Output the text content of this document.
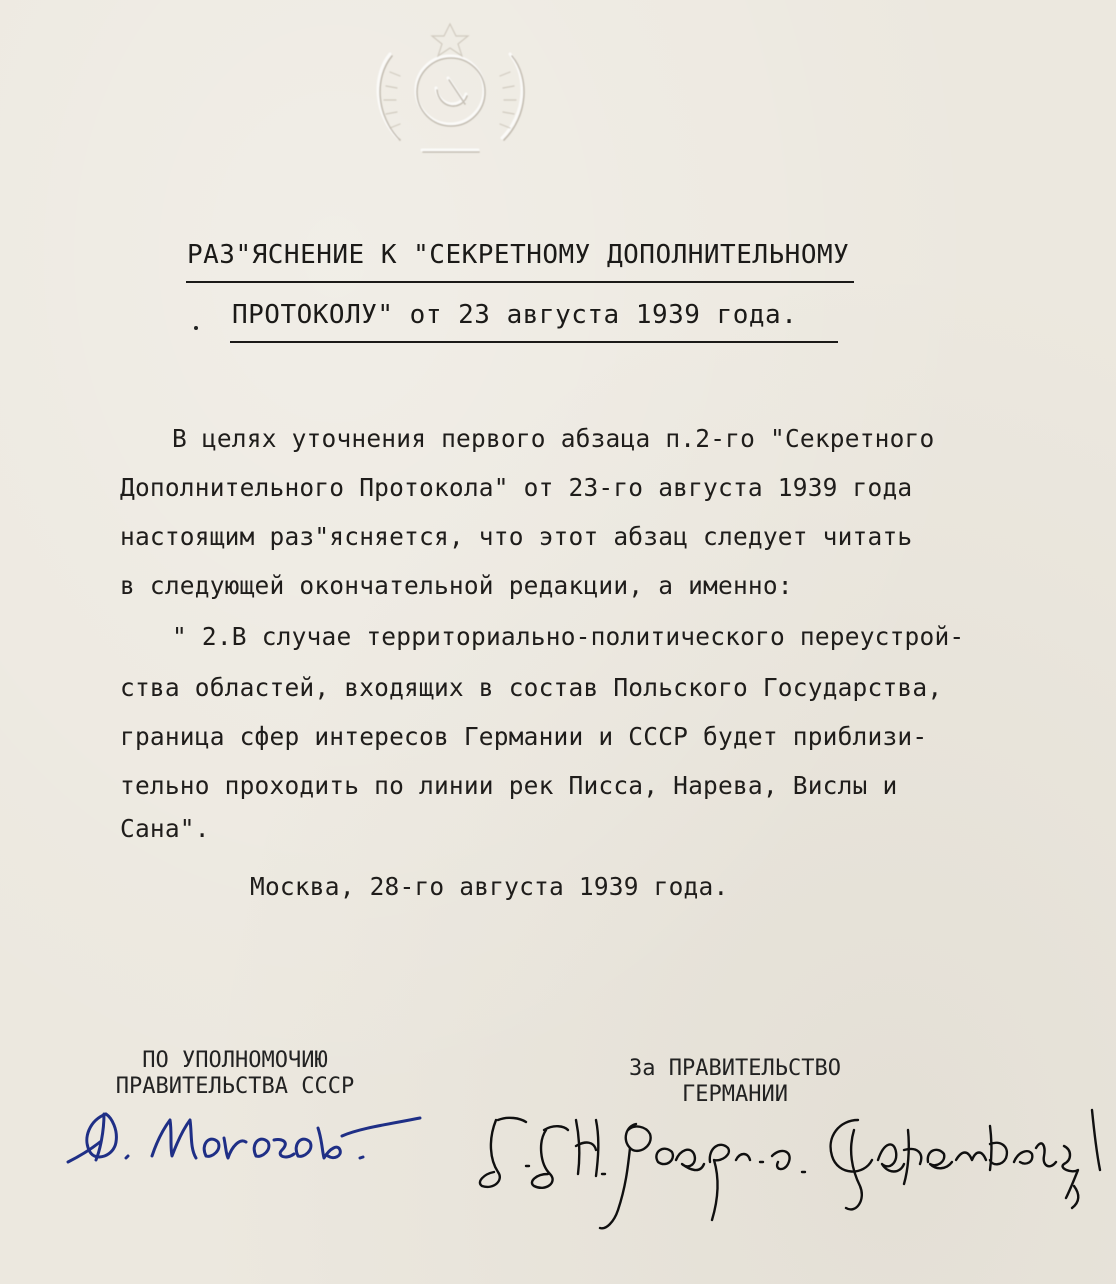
РАЗ"ЯСНЕНИЕ К "СЕКРЕТНОМУ ДОПОЛНИТЕЛЬНОМУ
ПРОТОКОЛУ" от 23 августа 1939 года.
В целях уточнения первого абзаца п.2-го "Секретного
Дополнительного Протокола" от 23-го августа 1939 года
настоящим раз"ясняется, что этот абзац следует читать
в следующей окончательной редакции, а именно:
" 2.В случае территориально-политического переустрой-
ства областей, входящих в состав Польского Государства,
граница сфер интересов Германии и СССР будет приблизи-
тельно проходить по линии рек Писса, Нарева, Вислы и
Сана".
Москва, 28-го августа 1939 года.
ПО УПОЛНОМОЧИЮ
ПРАВИТЕЛЬСТВА СССР
За ПРАВИТЕЛЬСТВО
ГЕРМАНИИ
